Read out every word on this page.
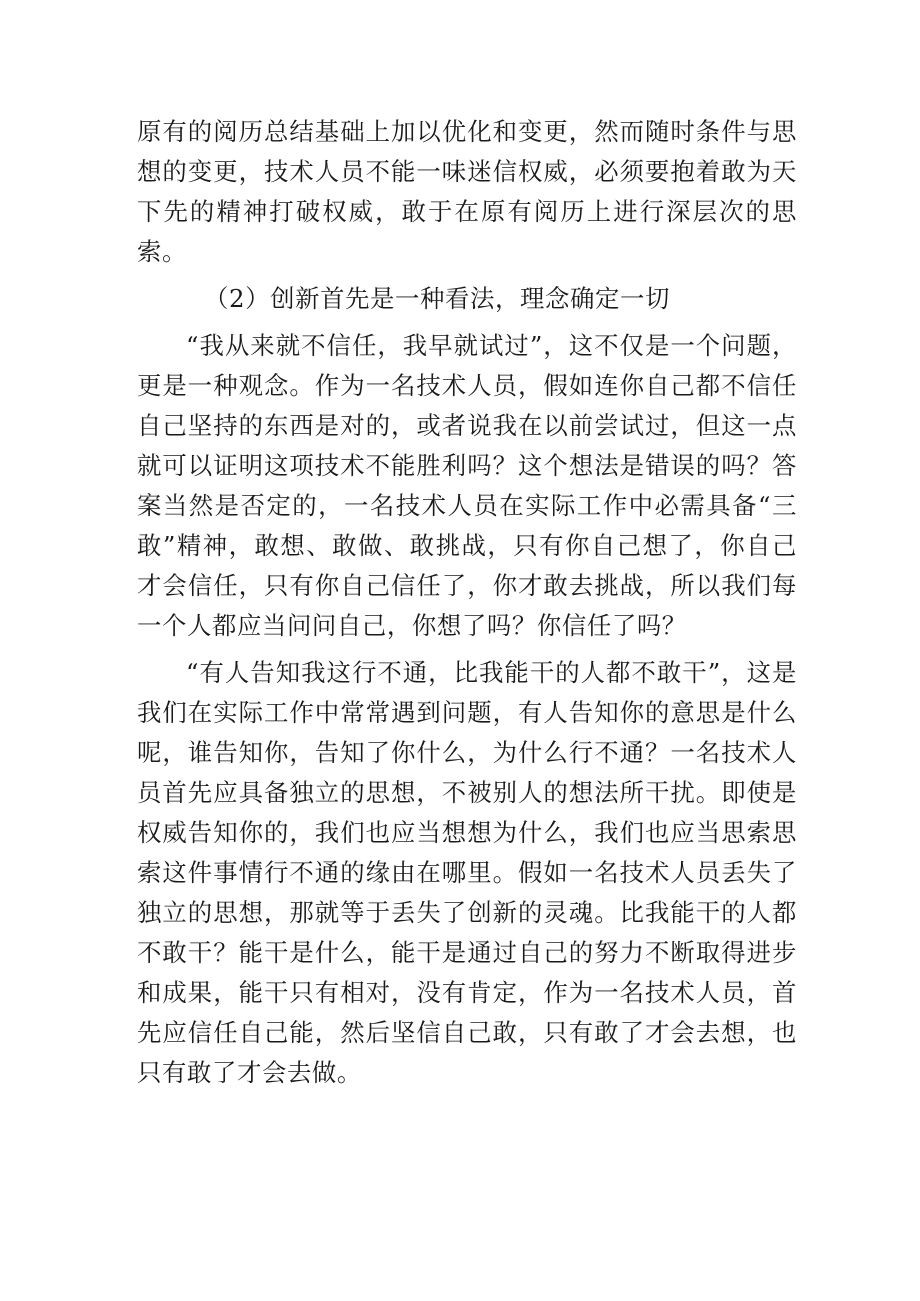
原有的阅历总结基础上加以优化和变更，然而随时条件与思想的变更，技术人员不能一味迷信权威，必须要抱着敢为天下先的精神打破权威，敢于在原有阅历上进行深层次的思索。

（2）创新首先是一种看法，理念确定一切

“我从来就不信任，我早就试过”，这不仅是一个问题，更是一种观念。作为一名技术人员，假如连你自己都不信任自己坚持的东西是对的，或者说我在以前尝试过，但这一点就可以证明这项技术不能胜利吗？这个想法是错误的吗？答案当然是否定的，一名技术人员在实际工作中必需具备“三敢”精神，敢想、敢做、敢挑战，只有你自己想了，你自己才会信任，只有你自己信任了，你才敢去挑战，所以我们每一个人都应当问问自己，你想了吗？你信任了吗？

“有人告知我这行不通，比我能干的人都不敢干”，这是我们在实际工作中常常遇到问题，有人告知你的意思是什么呢，谁告知你，告知了你什么，为什么行不通？一名技术人员首先应具备独立的思想，不被别人的想法所干扰。即使是权威告知你的，我们也应当想想为什么，我们也应当思索思索这件事情行不通的缘由在哪里。假如一名技术人员丢失了独立的思想，那就等于丢失了创新的灵魂。比我能干的人都不敢干？能干是什么，能干是通过自己的努力不断取得进步和成果，能干只有相对，没有肯定，作为一名技术人员，首先应信任自己能，然后坚信自己敢，只有敢了才会去想，也只有敢了才会去做。
